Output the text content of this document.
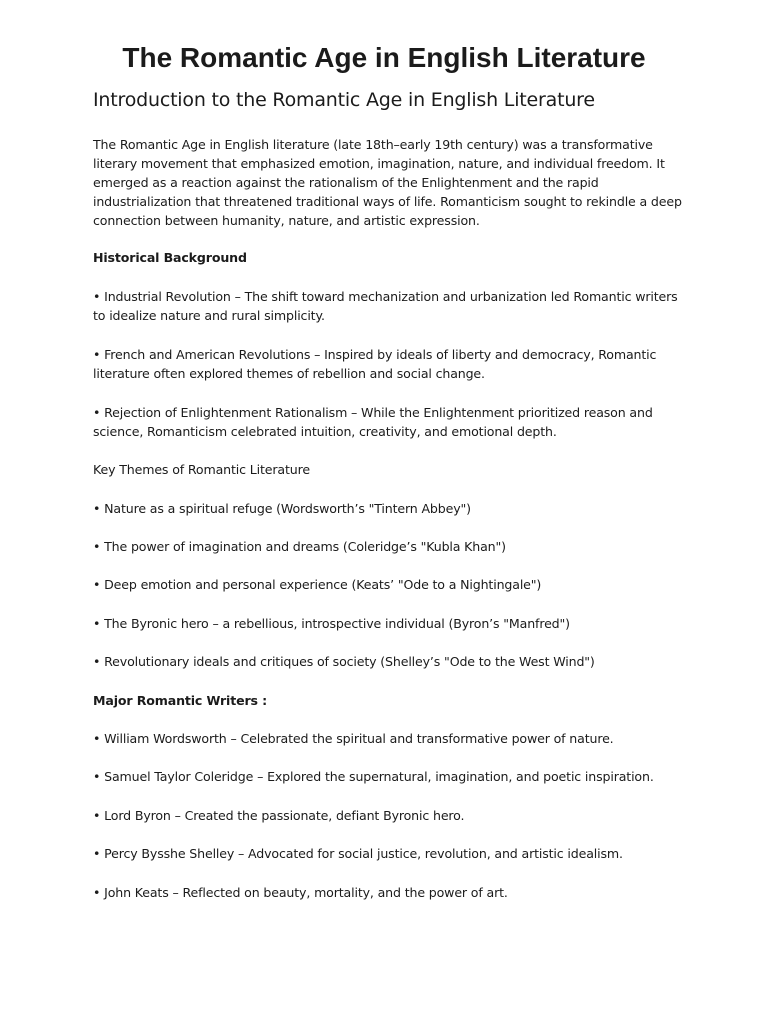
The Romantic Age in English Literature
Introduction to the Romantic Age in English Literature

The Romantic Age in English literature (late 18th–early 19th century) was a transformative literary movement that emphasized emotion, imagination, nature, and individual freedom. It emerged as a reaction against the rationalism of the Enlightenment and the rapid industrialization that threatened traditional ways of life. Romanticism sought to rekindle a deep connection between humanity, nature, and artistic expression.

Historical Background

• Industrial Revolution – The shift toward mechanization and urbanization led Romantic writers to idealize nature and rural simplicity.

• French and American Revolutions – Inspired by ideals of liberty and democracy, Romantic literature often explored themes of rebellion and social change.

• Rejection of Enlightenment Rationalism – While the Enlightenment prioritized reason and science, Romanticism celebrated intuition, creativity, and emotional depth.

Key Themes of Romantic Literature

• Nature as a spiritual refuge (Wordsworth’s "Tintern Abbey")

• The power of imagination and dreams (Coleridge’s "Kubla Khan")

• Deep emotion and personal experience (Keats’ "Ode to a Nightingale")

• The Byronic hero – a rebellious, introspective individual (Byron’s "Manfred")

• Revolutionary ideals and critiques of society (Shelley’s "Ode to the West Wind")

Major Romantic Writers :

• William Wordsworth – Celebrated the spiritual and transformative power of nature.

• Samuel Taylor Coleridge – Explored the supernatural, imagination, and poetic inspiration.

• Lord Byron – Created the passionate, defiant Byronic hero.

• Percy Bysshe Shelley – Advocated for social justice, revolution, and artistic idealism.

• John Keats – Reflected on beauty, mortality, and the power of art.
